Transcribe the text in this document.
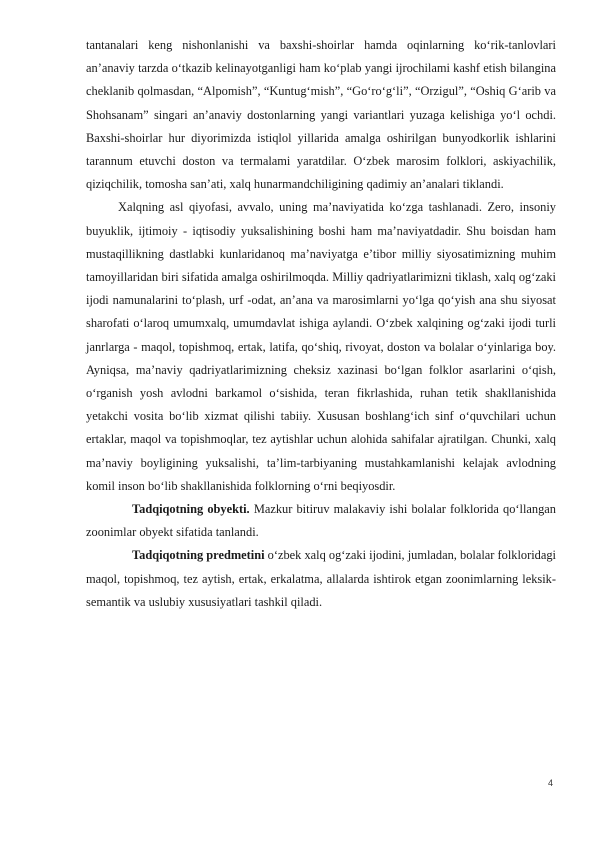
tantanalari keng nishonlanishi va baxshi-shoirlar hamda oqinlarning ko‘rik-tanlovlari an’anaviy tarzda o‘tkazib kelinayotganligi ham ko‘plab yangi ijrochilami kashf etish bilangina cheklanib qolmasdan, “Alpomish”, “Kuntug‘mish”, “Go‘ro‘g‘li”, “Orzigul”, “Oshiq G‘arib va Shohsanam” singari an’anaviy dostonlarning yangi variantlari yuzaga kelishiga yo‘l ochdi. Baxshi-shoirlar hur diyorimizda istiqlol yillarida amalga oshirilgan bunyodkorlik ishlarini tarannum etuvchi doston va termalami yaratdilar. O‘zbek marosim folklori, askiyachilik, qiziqchilik, tomosha san’ati, xalq hunarmandchiligining qadimiy an’analari tiklandi.

Xalqning asl qiyofasi, avvalo, uning ma’naviyatida ko‘zga tashlanadi. Zero, insoniy buyuklik, ijtimoiy - iqtisodiy yuksalishining boshi ham ma’naviyatdadir. Shu boisdan ham mustaqillikning dastlabki kunlaridanoq ma’naviyatga e’tibor milliy siyosatimizning muhim tamoyillaridan biri sifatida amalga oshirilmoqda. Milliy qadriyatlarimizni tiklash, xalq og‘zaki ijodi namunalarini to‘plash, urf -odat, an’ana va marosimlarni yo‘lga qo‘yish ana shu siyosat sharofati o‘laroq umumxalq, umumdavlat ishiga aylandi. O‘zbek xalqining og‘zaki ijodi turli janrlarga - maqol, topishmoq, ertak, latifa, qo‘shiq, rivoyat, doston va bolalar o‘yinlariga boy. Ayniqsa, ma’naviy qadriyatlarimizning cheksiz xazinasi bo‘lgan folklor asarlarini o‘qish, o‘rganish yosh avlodni barkamol o‘sishida, teran fikrlashida, ruhan tetik shakllanishida yetakchi vosita bo‘lib xizmat qilishi tabiiy. Xususan boshlang‘ich sinf o‘quvchilari uchun ertaklar, maqol va topishmoqlar, tez aytishlar uchun alohida sahifalar ajratilgan. Chunki, xalq ma’naviy boyligining yuksalishi, ta’lim-tarbiyaning mustahkamlanishi kelajak avlodning komil inson bo‘lib shakllanishida folklorning o‘rni beqiyosdir.

Tadqiqotning obyekti. Mazkur bitiruv malakaviy ishi bolalar folklorida qo‘llangan zoonimlar obyekt sifatida tanlandi.

Tadqiqotning predmetini o‘zbek xalq og‘zaki ijodini, jumladan, bolalar folkloridagi maqol, topishmoq, tez aytish, ertak, erkalatma, allalarda ishtirok etgan zoonimlarning leksik-semantik va uslubiy xususiyatlari tashkil qiladi.

4
